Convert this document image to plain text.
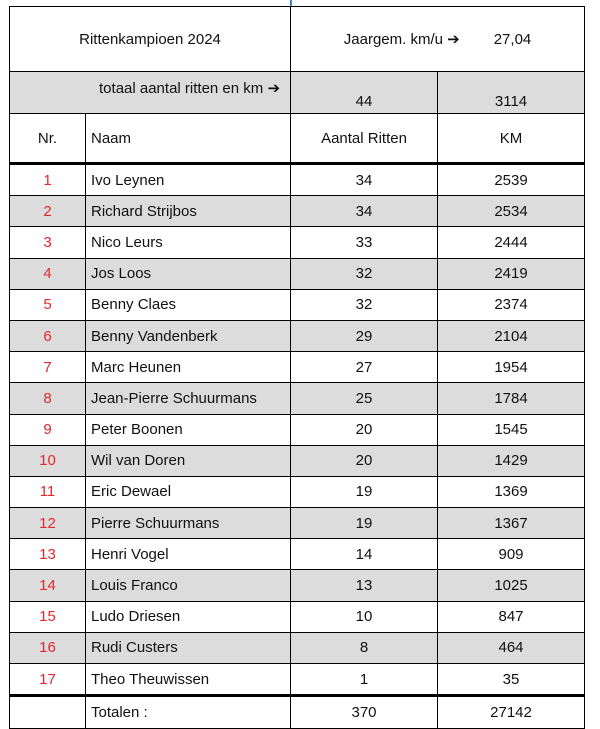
Rittenkampioen 2024		Jaargem. km/u ➔ 27,04	
totaal aantal ritten en km ➔		44	3114
Nr.	Naam	Aantal Ritten	KM
1	Ivo Leynen	34	2539
2	Richard Strijbos	34	2534
3	Nico Leurs	33	2444
4	Jos Loos	32	2419
5	Benny Claes	32	2374
6	Benny Vandenberk	29	2104
7	Marc Heunen	27	1954
8	Jean-Pierre Schuurmans	25	1784
9	Peter Boonen	20	1545
10	Wil van Doren	20	1429
11	Eric Dewael	19	1369
12	Pierre Schuurmans	19	1367
13	Henri Vogel	14	909
14	Louis Franco	13	1025
15	Ludo Driesen	10	847
16	Rudi Custers	8	464
17	Theo Theuwissen	1	35
	Totalen :	370	27142
